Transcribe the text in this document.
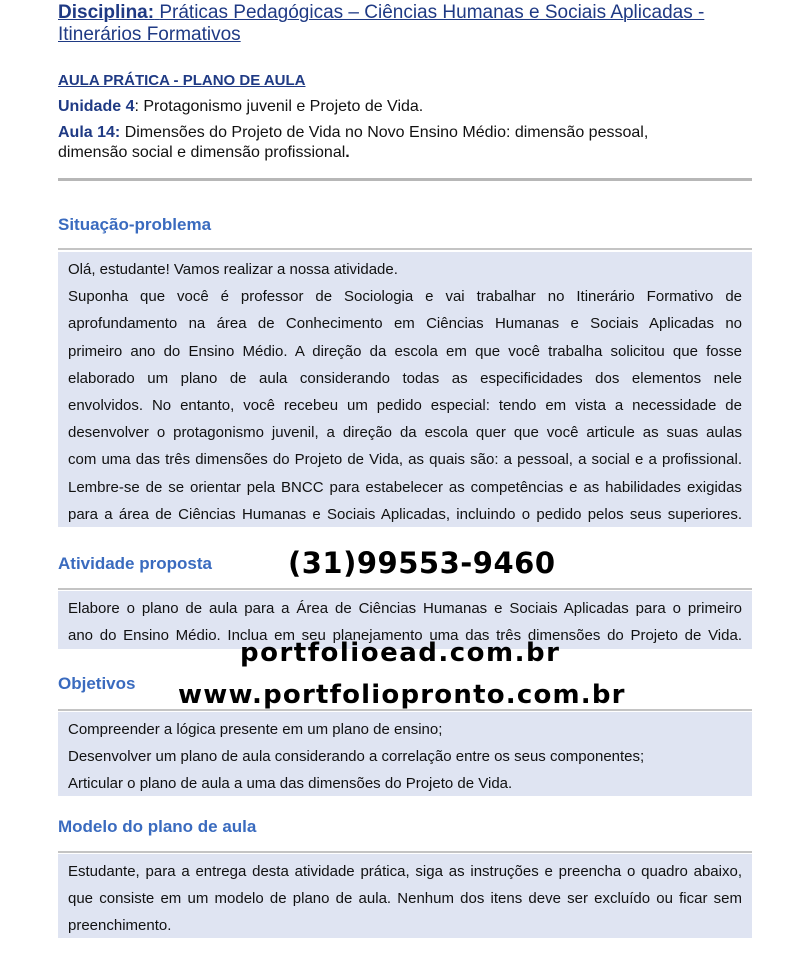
Disciplina: Práticas Pedagógicas – Ciências Humanas e Sociais Aplicadas -
Itinerários Formativos
AULA PRÁTICA - PLANO DE AULA
Unidade 4: Protagonismo juvenil e Projeto de Vida.
Aula 14: Dimensões do Projeto de Vida no Novo Ensino Médio: dimensão pessoal,
dimensão social e dimensão profissional.
Situação-problema

Olá, estudante! Vamos realizar a nossa atividade.

Suponha que você é professor de Sociologia e vai trabalhar no Itinerário Formativo de

aprofundamento na área de Conhecimento em Ciências Humanas e Sociais Aplicadas no

primeiro ano do Ensino Médio. A direção da escola em que você trabalha solicitou que fosse

elaborado um plano de aula considerando todas as especificidades dos elementos nele

envolvidos. No entanto, você recebeu um pedido especial: tendo em vista a necessidade de

desenvolver o protagonismo juvenil, a direção da escola quer que você articule as suas aulas

com uma das três dimensões do Projeto de Vida, as quais são: a pessoal, a social e a profissional.

Lembre-se de se orientar pela BNCC para estabelecer as competências e as habilidades exigidas

para a área de Ciências Humanas e Sociais Aplicadas, incluindo o pedido pelos seus superiores.

Atividade proposta

Elabore o plano de aula para a Área de Ciências Humanas e Sociais Aplicadas para o primeiro

ano do Ensino Médio. Inclua em seu planejamento uma das três dimensões do Projeto de Vida.

Objetivos

Compreender a lógica presente em um plano de ensino;

Desenvolver um plano de aula considerando a correlação entre os seus componentes;

Articular o plano de aula a uma das dimensões do Projeto de Vida.

Modelo do plano de aula

Estudante, para a entrega desta atividade prática, siga as instruções e preencha o quadro abaixo,

que consiste em um modelo de plano de aula. Nenhum dos itens deve ser excluído ou ficar sem

preenchimento.

(31)99553-9460
portfolioead.com.br
www.portfoliopronto.com.br
